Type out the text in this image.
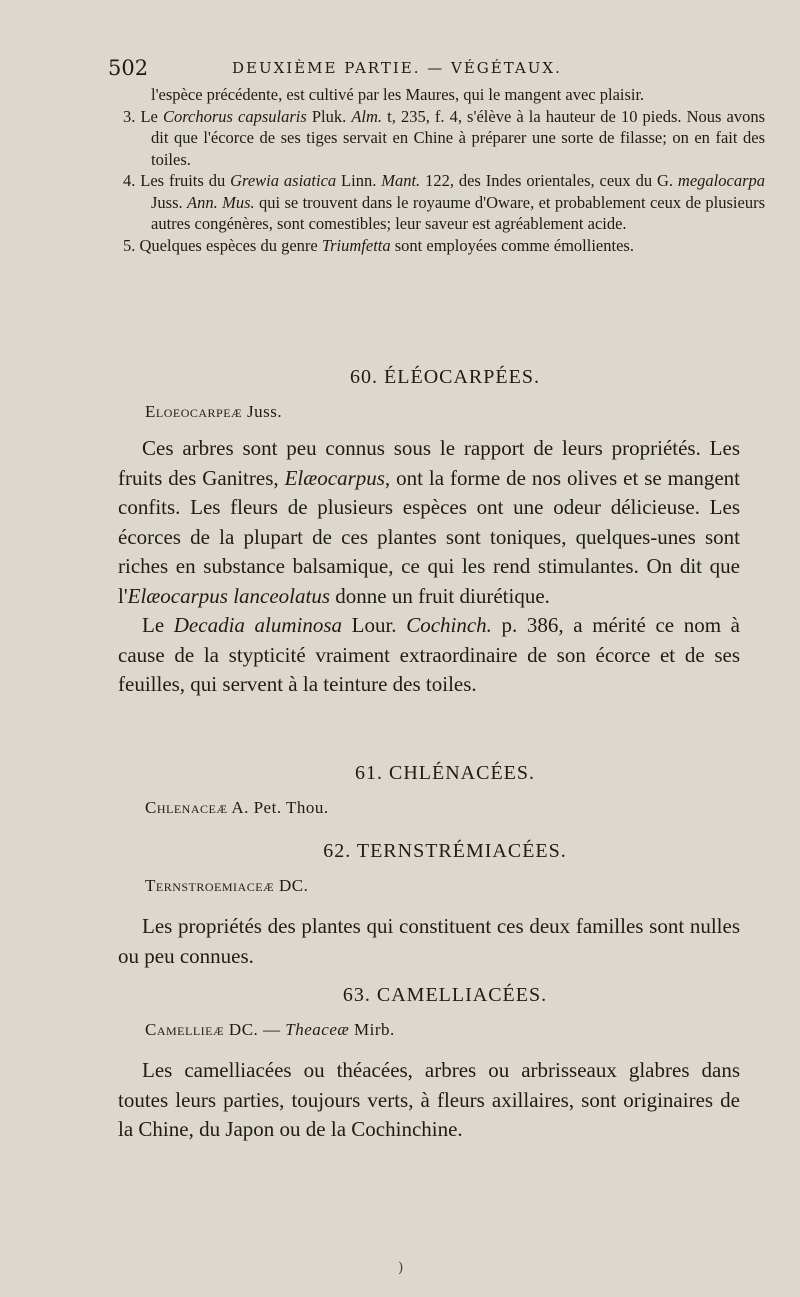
502	DEUXIÈME PARTIE. — VÉGÉTAUX.

l'espèce précédente, est cultivé par les Maures, qui le mangent avec plaisir.

3. Le Corchorus capsularis Pluk. Alm. t, 235, f. 4, s'élève à la hauteur de 10 pieds. Nous avons dit que l'écorce de ses tiges servait en Chine à préparer une sorte de filasse; on en fait des toiles.

4. Les fruits du Grewia asiatica Linn. Mant. 122, des Indes orientales, ceux du G. megalocarpa Juss. Ann. Mus. qui se trouvent dans le royaume d'Oware, et probablement ceux de plusieurs autres congénères, sont comestibles; leur saveur est agréablement acide.

5. Quelques espèces du genre Triumfetta sont employées comme émollientes.

60. ÉLÉOCARPÉES.
Eloeocarpeæ Juss.

Ces arbres sont peu connus sous le rapport de leurs propriétés. Les fruits des Ganitres, Elæocarpus, ont la forme de nos olives et se mangent confits. Les fleurs de plusieurs espèces ont une odeur délicieuse. Les écorces de la plupart de ces plantes sont toniques, quelques-unes sont riches en substance balsamique, ce qui les rend stimulantes. On dit que l'Elæocarpus lanceolatus donne un fruit diurétique.

Le Decadia aluminosa Lour. Cochinch. p. 386, a mérité ce nom à cause de la stypticité vraiment extraordinaire de son écorce et de ses feuilles, qui servent à la teinture des toiles.

61. CHLÉNACÉES.
Chlenaceæ A. Pet. Thou.
62. TERNSTRÉMIACÉES.
Ternstroemiaceæ DC.

Les propriétés des plantes qui constituent ces deux familles sont nulles ou peu connues.

63. CAMELLIACÉES.
Camellieæ DC. — Theaceæ Mirb.

Les camelliacées ou théacées, arbres ou arbrisseaux glabres dans toutes leurs parties, toujours verts, à fleurs axillaires, sont originaires de la Chine, du Japon ou de la Cochinchine.

)
